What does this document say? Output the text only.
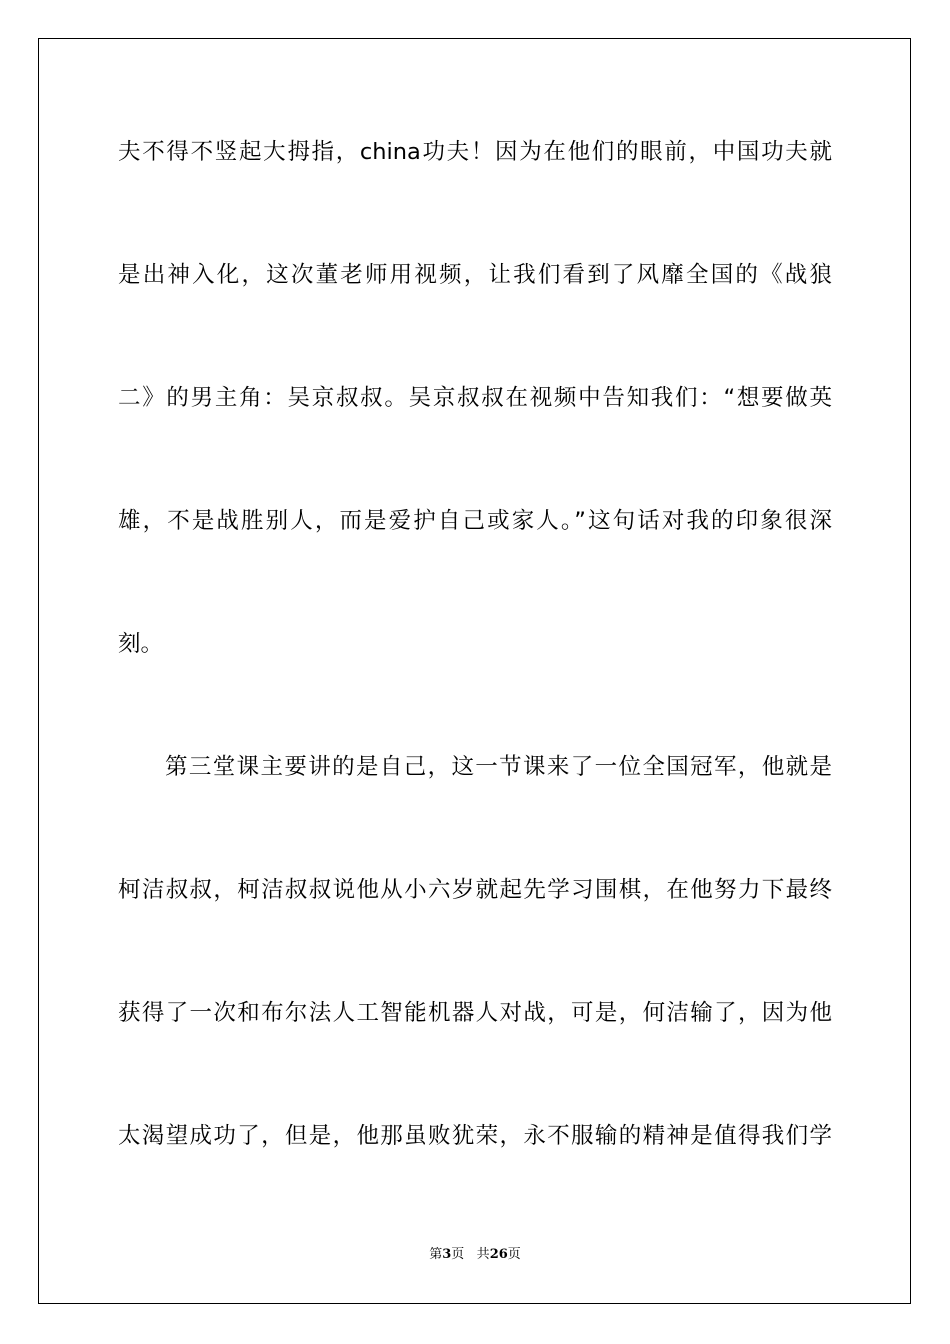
夫不得不竖起大拇指，china功夫！因为在他们的眼前，中国功夫就

是出神入化，这次董老师用视频，让我们看到了风靡全国的《战狼

二》的男主角：吴京叔叔。吴京叔叔在视频中告知我们：“想要做英

雄，不是战胜别人，而是爱护自己或家人。”这句话对我的印象很深

刻。

第三堂课主要讲的是自己，这一节课来了一位全国冠军，他就是

柯洁叔叔，柯洁叔叔说他从小六岁就起先学习围棋，在他努力下最终

获得了一次和布尔法人工智能机器人对战，可是，何洁输了，因为他

太渴望成功了，但是，他那虽败犹荣，永不服输的精神是值得我们学

第3页 共26页
